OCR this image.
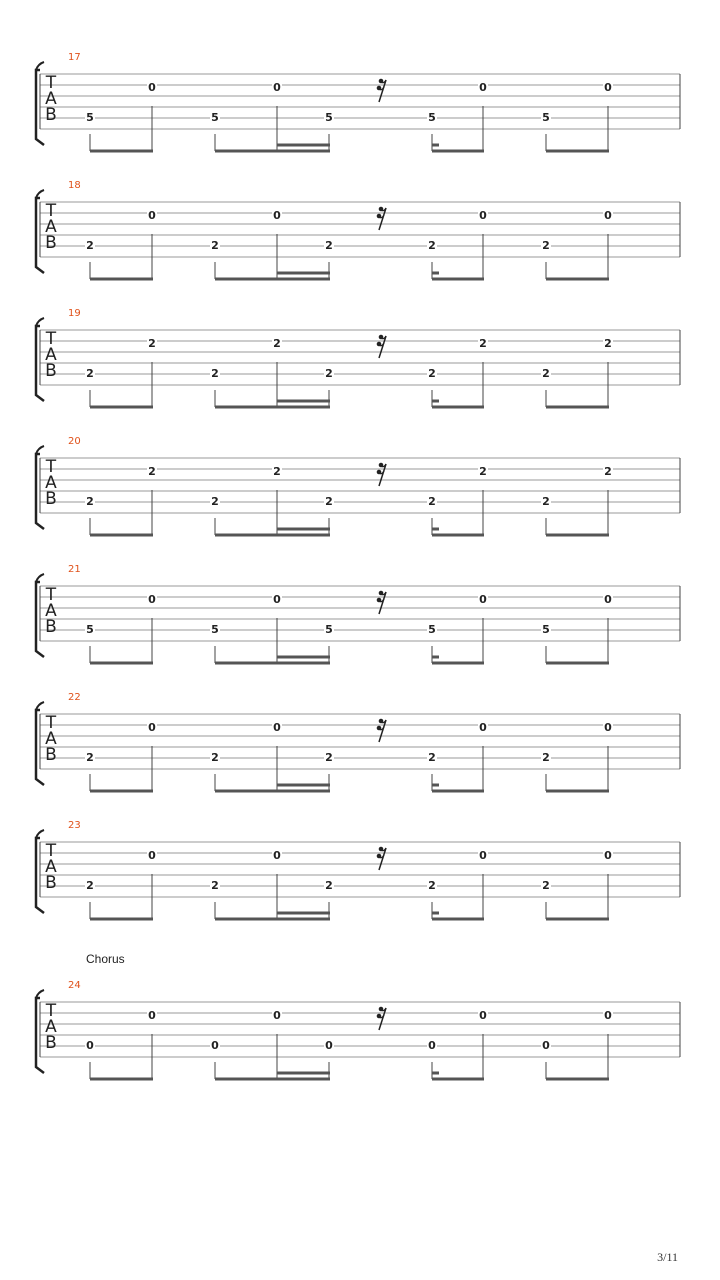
17
T
A
B	5	5	5	5	5
0	0	0	0
18
T
A
B	2	2	2	2	2
0	0	0	0
19
T
A
B	2	2	2	2	2
2	2	2	2
20
T
A
B	2	2	2	2	2
2	2	2	2
21
T
A
B	5	5	5	5	5
0	0	0	0
22
T
A
B	2	2	2	2	2
0	0	0	0
23
T
A
B	2	2	2	2	2
0	0	0	0
24
T
A
B	0	0	0	0	0
0	0	0	0
Chorus
3/11
